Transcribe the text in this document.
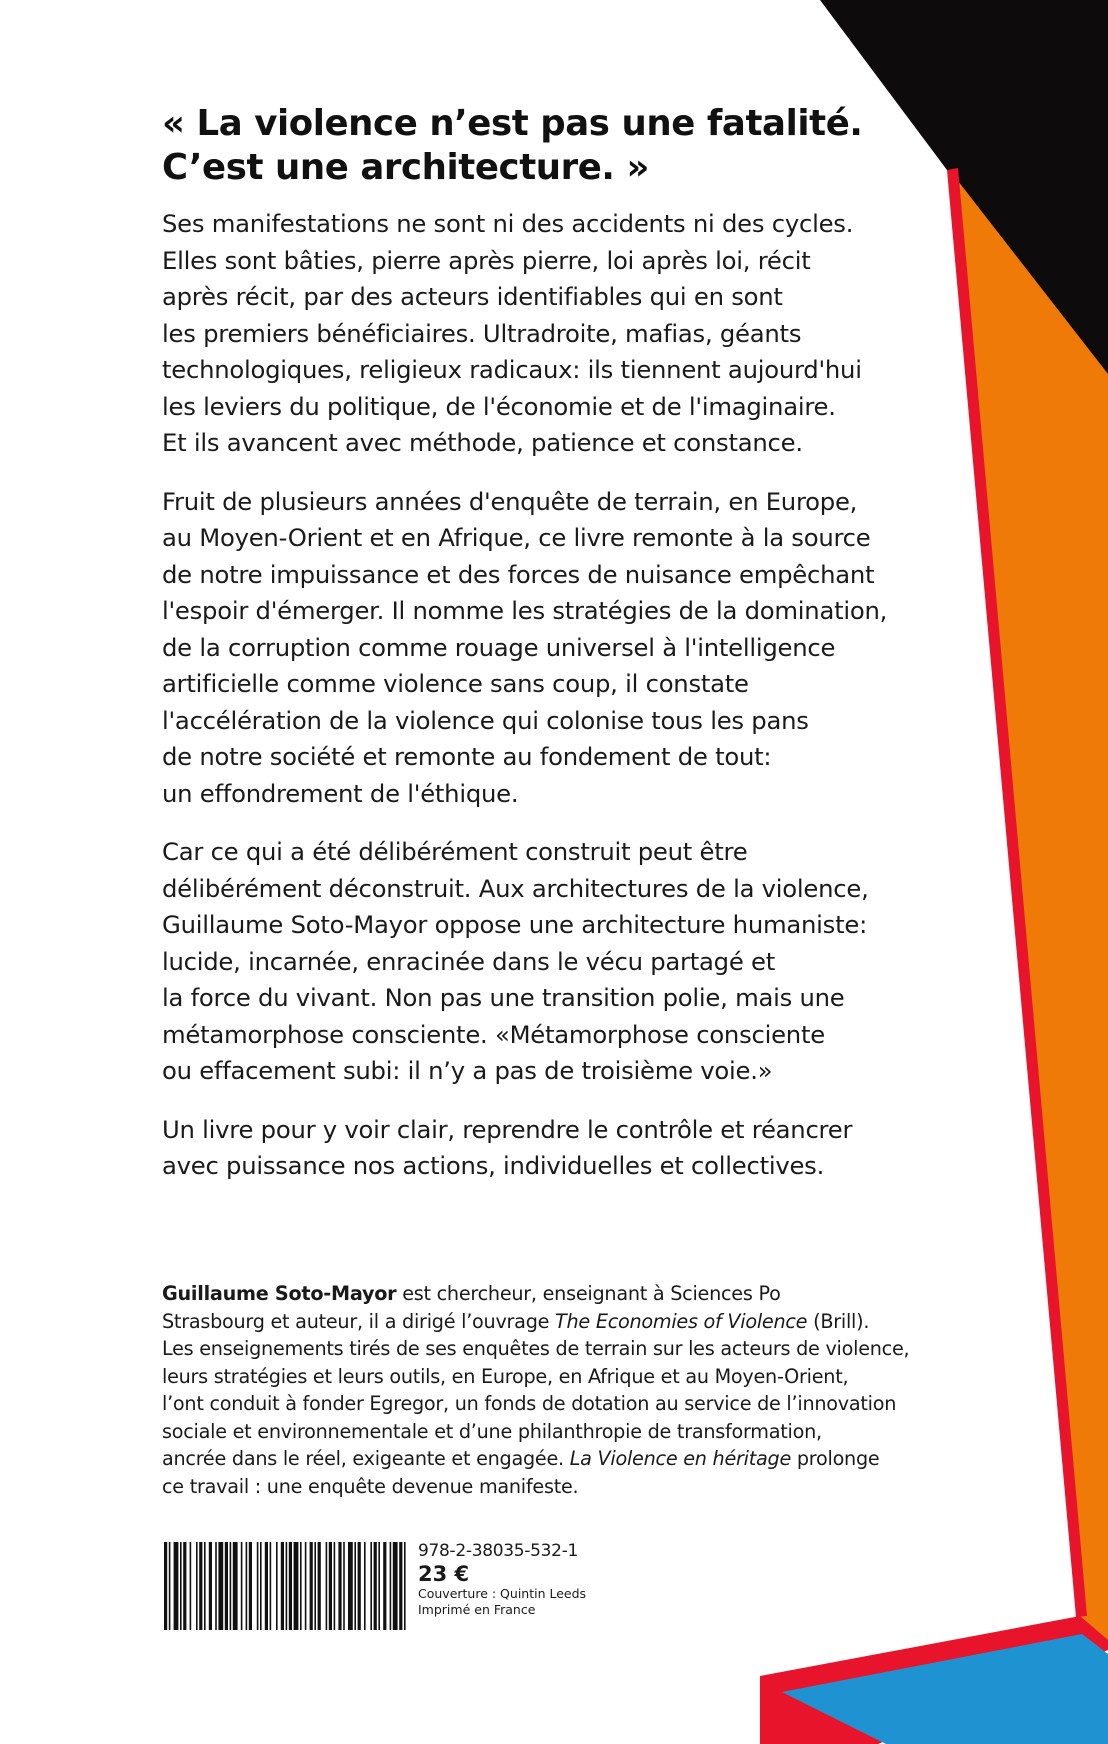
« La violence n’est pas une fatalité.
C’est une architecture. »

Ses manifestations ne sont ni des accidents ni des cycles.
Elles sont bâties, pierre après pierre, loi après loi, récit
après récit, par des acteurs identifiables qui en sont
les premiers bénéficiaires. Ultradroite, mafias, géants
technologiques, religieux radicaux: ils tiennent aujourd'hui
les leviers du politique, de l'économie et de l'imaginaire.
Et ils avancent avec méthode, patience et constance.

Fruit de plusieurs années d'enquête de terrain, en Europe,
au Moyen-Orient et en Afrique, ce livre remonte à la source
de notre impuissance et des forces de nuisance empêchant
l'espoir d'émerger. Il nomme les stratégies de la domination,
de la corruption comme rouage universel à l'intelligence
artificielle comme violence sans coup, il constate
l'accélération de la violence qui colonise tous les pans
de notre société et remonte au fondement de tout:
un effondrement de l'éthique.

Car ce qui a été délibérément construit peut être
délibérément déconstruit. Aux architectures de la violence,
Guillaume Soto-Mayor oppose une architecture humaniste:
lucide, incarnée, enracinée dans le vécu partagé et
la force du vivant. Non pas une transition polie, mais une
métamorphose consciente. «Métamorphose consciente
ou effacement subi: il n’y a pas de troisième voie.»

Un livre pour y voir clair, reprendre le contrôle et réancrer
avec puissance nos actions, individuelles et collectives.

Guillaume Soto-Mayor est chercheur, enseignant à Sciences Po
Strasbourg et auteur, il a dirigé l’ouvrage The Economies of Violence (Brill).
Les enseignements tirés de ses enquêtes de terrain sur les acteurs de violence,
leurs stratégies et leurs outils, en Europe, en Afrique et au Moyen-Orient,
l’ont conduit à fonder Egregor, un fonds de dotation au service de l’innovation
sociale et environnementale et d’une philanthropie de transformation,
ancrée dans le réel, exigeante et engagée. La Violence en héritage prolonge
ce travail : une enquête devenue manifeste.
978-2-38035-532-1
23 €
Couverture : Quintin Leeds
Imprimé en France
